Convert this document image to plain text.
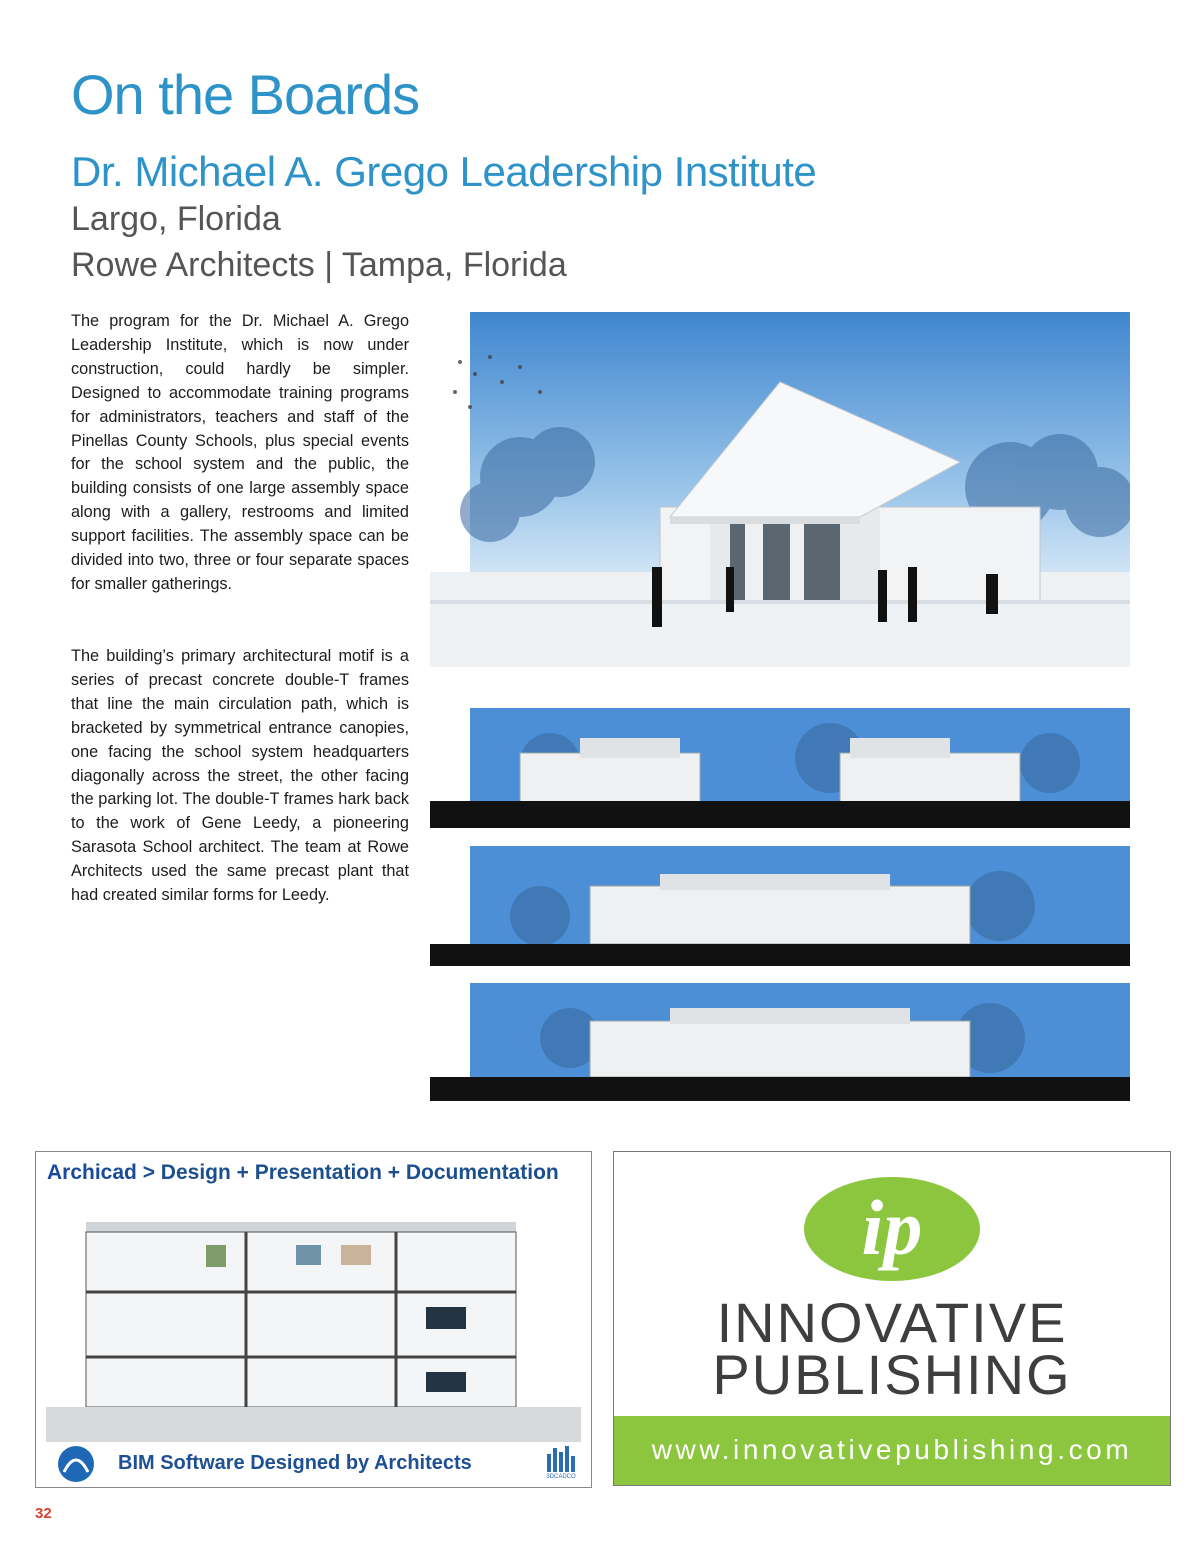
On the Boards
Dr. Michael A. Grego Leadership Institute
Largo, Florida
Rowe Architects | Tampa, Florida

The program for the Dr. Michael A. Grego Leadership Institute, which is now under construction, could hardly be simpler. Designed to accommodate training programs for administrators, teachers and staff of the Pinellas County Schools, plus special events for the school system and the public, the building consists of one large assembly space along with a gallery, restrooms and limited support facilities. The assembly space can be divided into two, three or four separate spaces for smaller gatherings.

The building’s primary architectural motif is a series of precast concrete double-T frames that line the main circulation path, which is bracketed by symmetrical entrance canopies, one facing the school system headquarters diagonally across the street, the other facing the parking lot. The double-T frames hark back to the work of Gene Leedy, a pioneering Sarasota School architect. The team at Rowe Architects used the same precast plant that had created similar forms for Leedy.

Archicad > Design + Presentation + Documentation
BIM Software Designed by Architects
3DCADCO
ip
INNOVATIVE
PUBLISHING
www.innovativepublishing.com
32
